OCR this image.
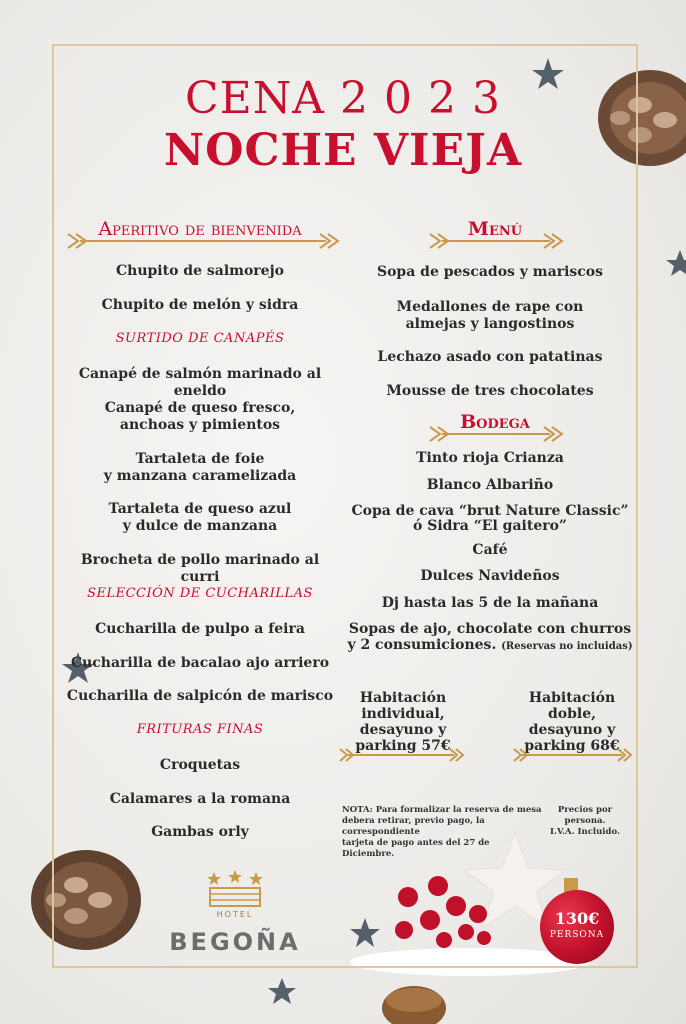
CENA 2 0 2 3
NOCHE VIEJA
Aperitivo de bienvenida
Chupito de salmorejo
Chupito de melón y sidra
SURTIDO DE CANAPÉS
Canapé de salmón marinado al eneldo
Canapé de queso fresco,
anchoas y pimientos
Tartaleta de foie
y manzana caramelizada
Tartaleta de queso azul
y dulce de manzana
Brocheta de pollo marinado al curri
SELECCIÓN DE CUCHARILLAS
Cucharilla de pulpo a feira
Cucharilla de bacalao ajo arriero
Cucharilla de salpicón de marisco
FRITURAS FINAS
Croquetas
Calamares a la romana
Gambas orly
Menú
Sopa de pescados y mariscos
Medallones de rape con
almejas y langostinos
Lechazo asado con patatinas
Mousse de tres chocolates
Bodega
Tinto rioja Crianza
Blanco Albariño
Copa de cava “brut Nature Classic”
ó Sidra “El gaitero”
Café
Dulces Navideños
Dj hasta las 5 de la mañana
Sopas de ajo, chocolate con churros
y 2 consumiciones. (Reservas no incluidas)
Habitación
individual,
desayuno y
parking 57€
Habitación
doble,
desayuno y
parking 68€
NOTA: Para formalizar la reserva de mesa
debera retirar, previo pago, la correspondiente
tarjeta de pago antes del 27 de Diciembre.
Precios por persona.
I.V.A. Incluido.
130€
PERSONA
HOTEL
BEGOÑA
